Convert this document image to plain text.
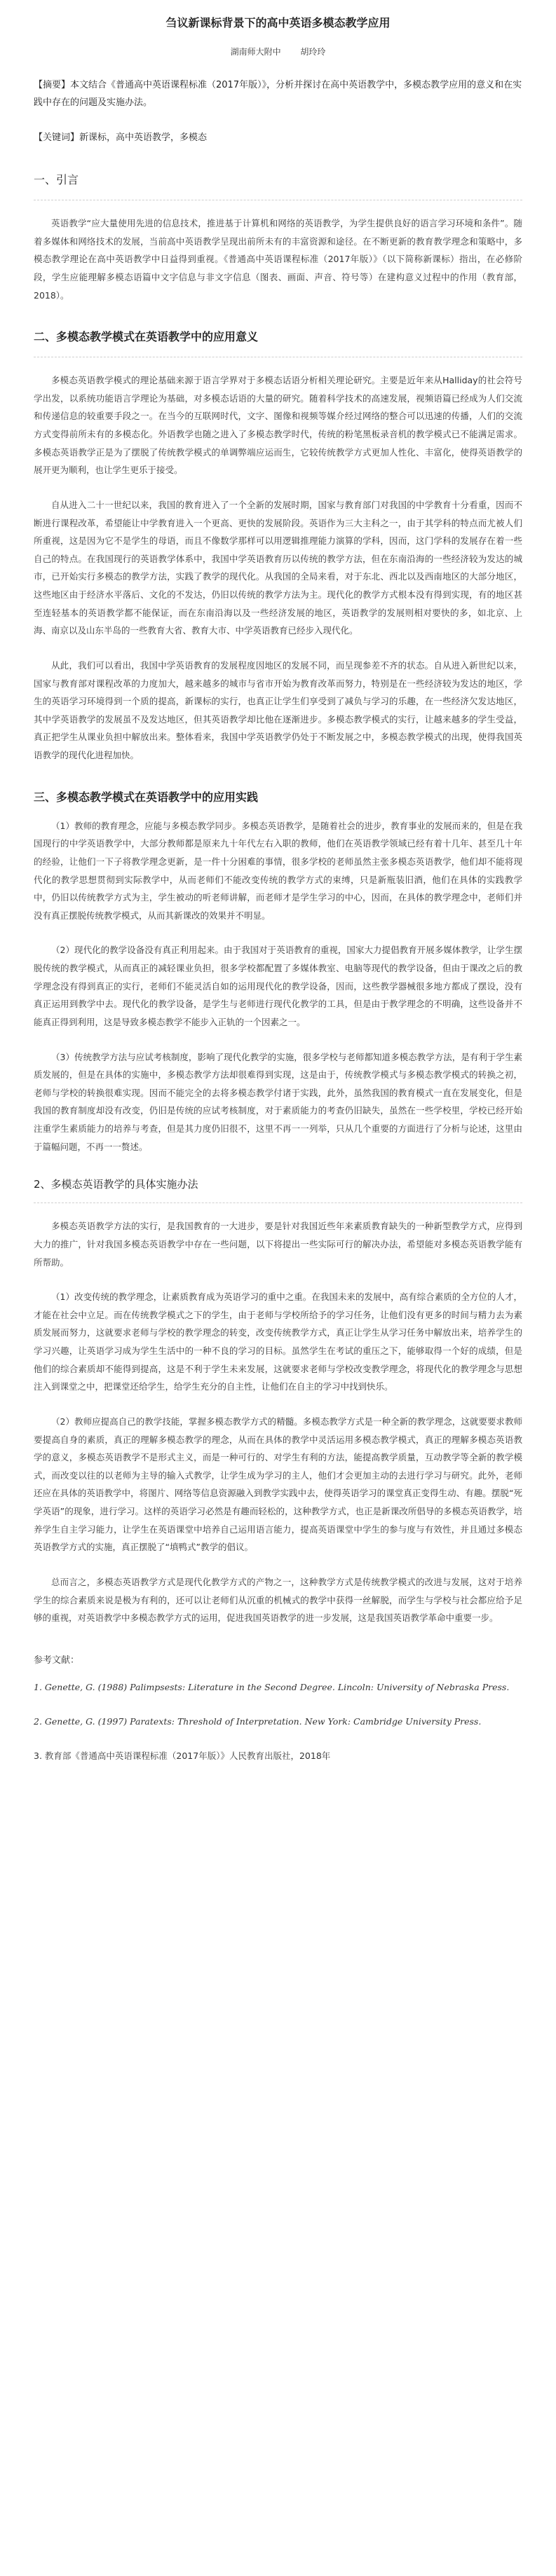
刍议新课标背景下的高中英语多模态教学应用
湖南师大附中 胡玲玲
【摘要】本文结合《普通高中英语课程标准（2017年版）》，分析并探讨在高中英语教学中，多模态教学应用的意义和在实践中存在的问题及实施办法。
【关键词】新课标，高中英语教学，多模态
一、引言

英语教学“应大量使用先进的信息技术，推进基于计算机和网络的英语教学，为学生提供良好的语言学习环境和条件”。随着多媒体和网络技术的发展，当前高中英语教学呈现出前所未有的丰富资源和途径。在不断更新的教育教学理念和策略中，多模态教学理论在高中英语教学中日益得到重视。《普通高中英语课程标准（2017年版）》（以下简称新课标）指出，在必修阶段，学生应能理解多模态语篇中文字信息与非文字信息（图表、画面、声音、符号等）在建构意义过程中的作用（教育部，2018）。

二、多模态教学模式在英语教学中的应用意义

多模态英语教学模式的理论基础来源于语言学界对于多模态话语分析相关理论研究。主要是近年来从Halliday的社会符号学出发，以系统功能语言学理论为基础，对多模态话语的大量的研究。随着科学技术的高速发展，视频语篇已经成为人们交流和传递信息的较重要手段之一。在当今的互联网时代，文字、图像和视频等媒介经过网络的整合可以迅速的传播，人们的交流方式变得前所未有的多模态化。外语教学也随之进入了多模态教学时代，传统的粉笔黑板录音机的教学模式已不能满足需求。多模态英语教学正是为了摆脱了传统教学模式的单调弊端应运而生，它较传统教学方式更加人性化、丰富化，使得英语教学的展开更为顺利，也让学生更乐于接受。

自从进入二十一世纪以来，我国的教育进入了一个全新的发展时期，国家与教育部门对我国的中学教育十分看重，因而不断进行课程改革，希望能让中学教育进入一个更高、更快的发展阶段。英语作为三大主科之一，由于其学科的特点而尤被人们所重视，这是因为它不是学生的母语，而且不像数学那样可以用逻辑推理能力演算的学科，因而，这门学科的发展存在着一些自己的特点。在我国现行的英语教学体系中，我国中学英语教育历以传统的教学方法，但在东南沿海的一些经济较为发达的城市，已开始实行多模态的教学方法，实践了教学的现代化。从我国的全局来看，对于东北、西北以及西南地区的大部分地区，这些地区由于经济水平落后、文化的不发达，仍旧以传统的教学方法为主。现代化的教学方式根本没有得到实现，有的地区甚至连轻基本的英语教学都不能保证，而在东南沿海以及一些经济发展的地区，英语教学的发展则相对要快的多，如北京、上海、南京以及山东半岛的一些教育大省、教育大市、中学英语教育已经步入现代化。

从此，我们可以看出，我国中学英语教育的发展程度因地区的发展不同，而呈现参差不齐的状态。自从进入新世纪以来，国家与教育部对课程改革的力度加大，越来越多的城市与省市开始为教育改革而努力，特别是在一些经济较为发达的地区，学生的英语学习环境得到一个质的提高，新课标的实行，也真正让学生们享受到了减负与学习的乐趣，在一些经济欠发达地区，其中学英语教学的发展虽不及发达地区，但其英语教学却比他在逐渐进步。多模态教学模式的实行，让越来越多的学生受益，真正把学生从课业负担中解放出来。整体看来，我国中学英语教学仍处于不断发展之中，多模态教学模式的出现，使得我国英语教学的现代化进程加快。

三、多模态教学模式在英语教学中的应用实践

（1）教师的教育理念，应能与多模态教学同步。多模态英语教学，是随着社会的进步，教育事业的发展而来的，但是在我国现行的中学英语教学中，大部分教师都是原来九十年代左右入职的教师，他们在英语教学领域已经有着十几年、甚至几十年的经验，让他们一下子将教学理念更新，是一件十分困难的事情，很多学校的老师虽然主张多模态英语教学，他们却不能将现代化的教学思想贯彻到实际教学中，从而老师们不能改变传统的教学方式的束缚，只是新瓶装旧酒，他们在具体的实践教学中，仍旧以传统教学方式为主，学生被动的听老师讲解，而老师才是学生学习的中心，因而，在具体的教学理念中，老师们并没有真正摆脱传统教学模式，从而其新课改的效果并不明显。

（2）现代化的教学设备没有真正利用起来。由于我国对于英语教育的重视，国家大力提倡教育开展多媒体教学，让学生摆脱传统的教学模式，从而真正的减轻课业负担，很多学校都配置了多媒体教室、电脑等现代的教学设备，但由于课改之后的教学理念没有得到真正的实行，老师们不能灵活自如的运用现代化的教学设备，因而，这些教学器械很多地方都成了摆设，没有真正运用到教学中去。现代化的教学设备，是学生与老师进行现代化教学的工具，但是由于教学理念的不明确，这些设备并不能真正得到利用，这是导致多模态教学不能步入正轨的一个因素之一。

（3）传统教学方法与应试考核制度，影响了现代化教学的实施，很多学校与老师都知道多模态教学方法，是有利于学生素质发展的，但是在具体的实施中，多模态教学方法却很难得到实现，这是由于，传统教学模式与多模态教学模式的转换之初，老师与学校的转换很难实现。因而不能完全的去将多模态教学付诸于实践，此外，虽然我国的教育模式一直在发展变化，但是我国的教育制度却没有改变，仍旧是传统的应试考核制度，对于素质能力的考查仍旧缺失，虽然在一些学校里，学校已经开始注重学生素质能力的培养与考查，但是其力度仍旧很不，这里不再一一列举，只从几个重要的方面进行了分析与论述，这里由于篇幅问题，不再一一赘述。

2、多模态英语教学的具体实施办法

多模态英语教学方法的实行，是我国教育的一大进步，要是针对我国近些年来素质教育缺失的一种新型教学方式，应得到大力的推广，针对我国多模态英语教学中存在一些问题，以下将提出一些实际可行的解决办法，希望能对多模态英语教学能有所帮助。

（1）改变传统的教学理念，让素质教育成为英语学习的重中之重。在我国未来的发展中，高有综合素质的全方位的人才，才能在社会中立足。而在传统教学模式之下的学生，由于老师与学校所给予的学习任务，让他们没有更多的时间与精力去为素质发展而努力，这就要求老师与学校的教学理念的转变，改变传统教学方式，真正让学生从学习任务中解放出来，培养学生的学习兴趣，让英语学习成为学生生活中的一种不良的学习的目标。虽然学生在考试的重压之下，能够取得一个好的成绩，但是他们的综合素质却不能得到提高，这是不利于学生未来发展，这就要求老师与学校改变教学理念，将现代化的教学理念与思想注入到课堂之中，把课堂还给学生，给学生充分的自主性，让他们在自主的学习中找到快乐。

（2）教师应提高自己的教学技能，掌握多模态教学方式的精髓。多模态教学方式是一种全新的教学理念，这就要要求教师要提高自身的素质，真正的理解多模态教学的理念，从而在具体的教学中灵活运用多模态教学模式，真正的理解多模态英语教学的意义，多模态英语教学不是形式主义，而是一种可行的、对学生有利的方法，能提高教学质量，互动教学等全新的教学模式，而改变以往的以老师为主导的输入式教学，让学生成为学习的主人，他们才会更加主动的去进行学习与研究。此外，老师还应在具体的英语教学中，将图片、网络等信息资源融入到教学实践中去，使得英语学习的课堂真正变得生动、有趣。摆脱“死学英语”的现象，进行学习。这样的英语学习必然是有趣而轻松的，这种教学方式，也正是新课改所倡导的多模态英语教学，培养学生自主学习能力，让学生在英语课堂中培养自己运用语言能力，提高英语课堂中学生的参与度与有效性，并且通过多模态英语教学方式的实施，真正摆脱了“填鸭式”教学的倡议。

总而言之，多模态英语教学方式是现代化教学方式的产物之一，这种教学方式是传统教学模式的改进与发展，这对于培养学生的综合素质来说是极为有利的，还可以让老师们从沉重的机械式的教学中获得一丝解脱，而学生与学校与社会都应给予足够的重视，对英语教学中多模态教学方式的运用，促进我国英语教学的进一步发展，这是我国英语教学革命中重要一步。

参考文献：
1. Genette, G. (1988) Palimpsests: Literature in the Second Degree. Lincoln: University of Nebraska Press.
2. Genette, G. (1997) Paratexts: Threshold of Interpretation. New York: Cambridge University Press.
3. 教育部《普通高中英语课程标准（2017年版）》人民教育出版社，2018年
